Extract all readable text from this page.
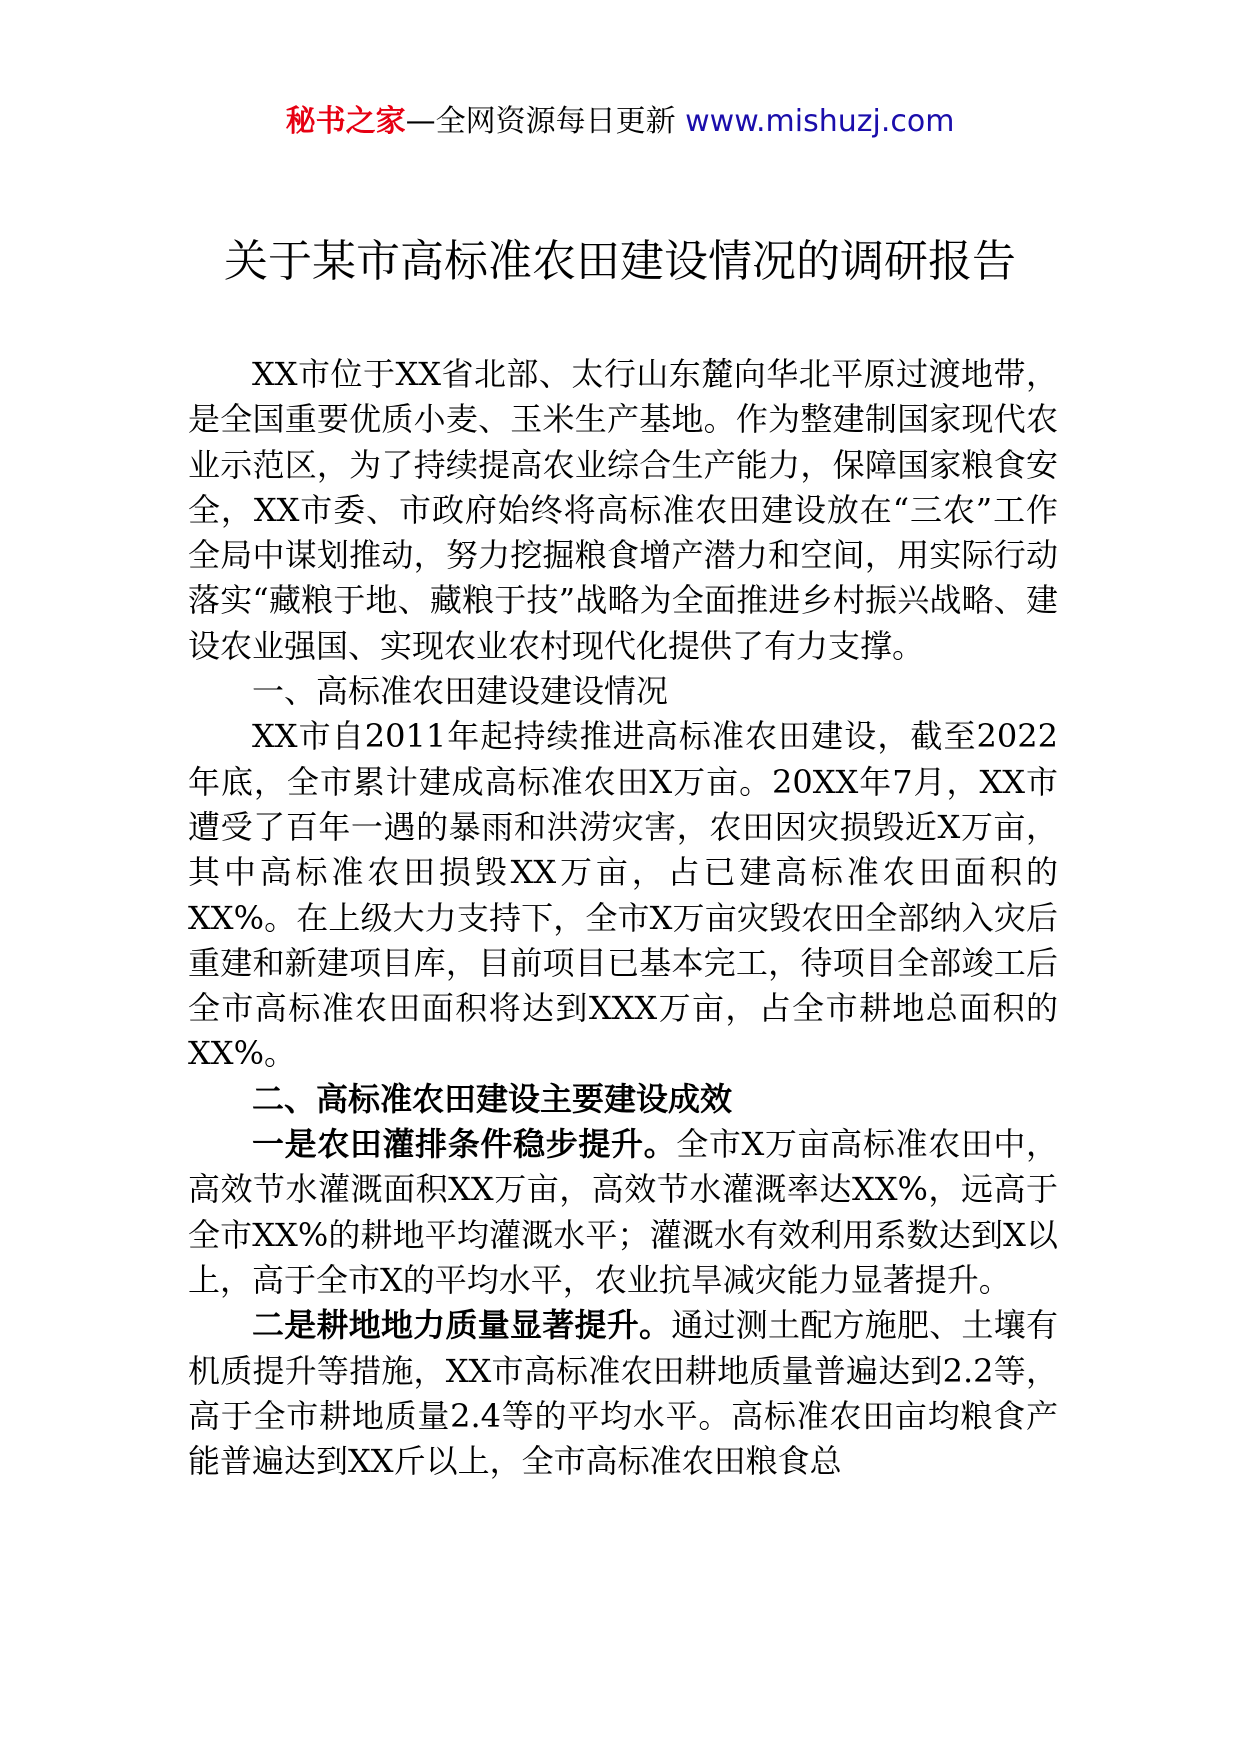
秘书之家—全网资源每日更新 www.mishuzj.com
关于某市高标准农田建设情况的调研报告

XX市位于XX省北部、太行山东麓向华北平原过渡地带，是全国重要优质小麦、玉米生产基地。作为整建制国家现代农业示范区，为了持续提高农业综合生产能力，保障国家粮食安全，XX市委、市政府始终将高标准农田建设放在“三农”工作全局中谋划推动，努力挖掘粮食增产潜力和空间，用实际行动落实“藏粮于地、藏粮于技”战略为全面推进乡村振兴战略、建设农业强国、实现农业农村现代化提供了有力支撑。

一、高标准农田建设建设情况

XX市自2011年起持续推进高标准农田建设，截至2022年底，全市累计建成高标准农田X万亩。20XX年7月，XX市遭受了百年一遇的暴雨和洪涝灾害，农田因灾损毁近X万亩，其中高标准农田损毁XX万亩，占已建高标准农田面积的XX%。在上级大力支持下，全市X万亩灾毁农田全部纳入灾后重建和新建项目库，目前项目已基本完工，待项目全部竣工后全市高标准农田面积将达到XXX万亩，占全市耕地总面积的XX%。

二、高标准农田建设主要建设成效

一是农田灌排条件稳步提升。全市X万亩高标准农田中，高效节水灌溉面积XX万亩，高效节水灌溉率达XX%，远高于全市XX%的耕地平均灌溉水平；灌溉水有效利用系数达到X以上，高于全市X的平均水平，农业抗旱减灾能力显著提升。

二是耕地地力质量显著提升。通过测土配方施肥、土壤有机质提升等措施，XX市高标准农田耕地质量普遍达到2.2等，高于全市耕地质量2.4等的平均水平。高标准农田亩均粮食产能普遍达到XX斤以上，全市高标准农田粮食总
